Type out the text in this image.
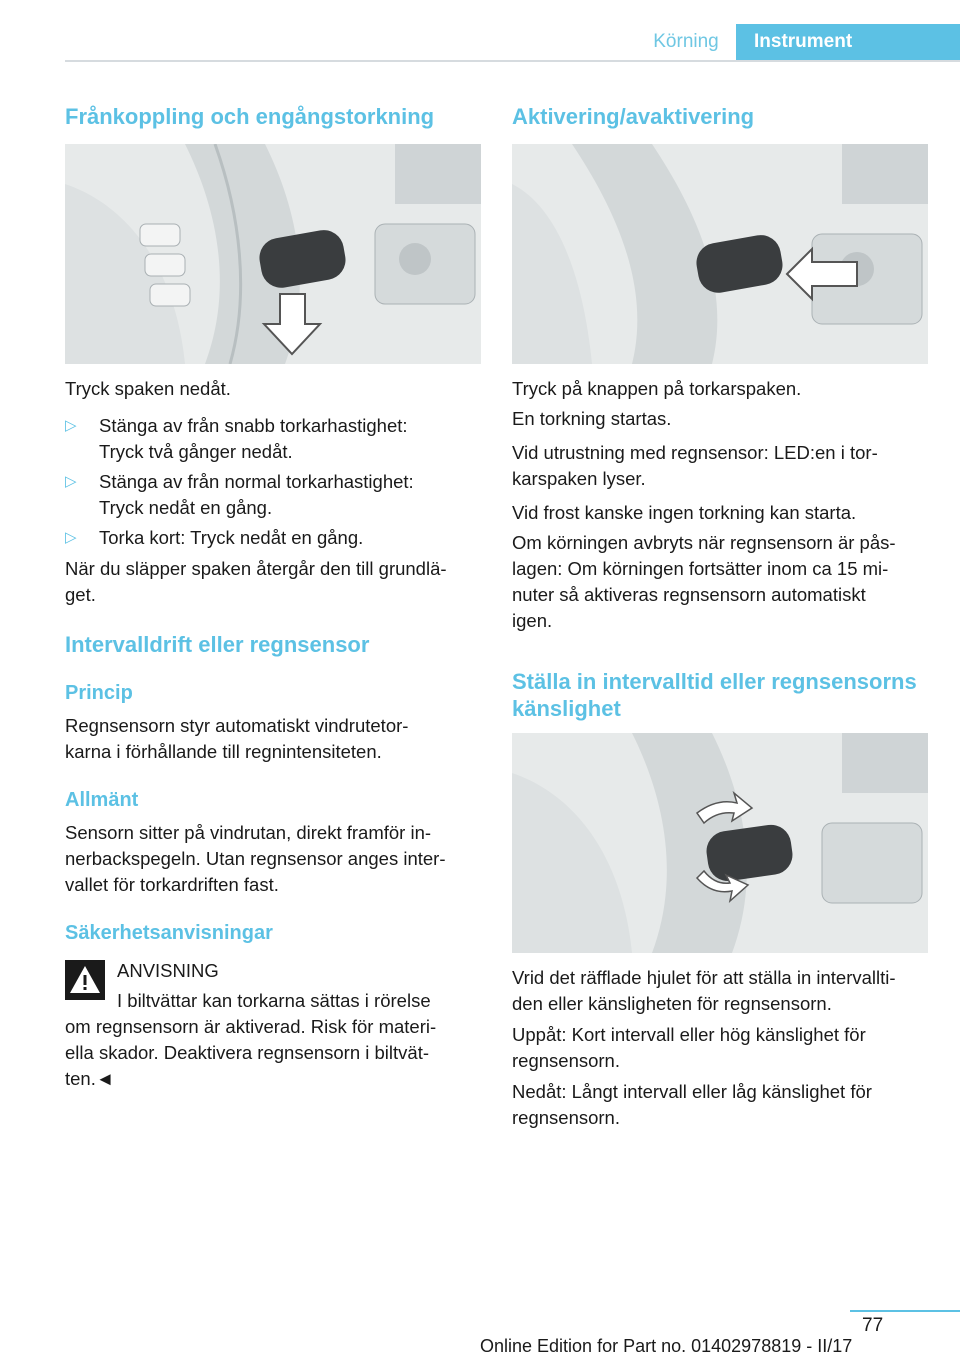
Körning	Instrument
Frånkoppling och engångstorkning

Tryck spaken nedåt.

▷ Stänga av från snabb torkarhastighet:
Tryck två gånger nedåt.
▷ Stänga av från normal torkarhastighet:
Tryck nedåt en gång.
▷ Torka kort: Tryck nedåt en gång.

När du släpper spaken återgår den till grundlä-
get.

Intervalldrift eller regnsensor
Princip

Regnsensorn styr automatiskt vindrutetor-
karna i förhållande till regnintensiteten.

Allmänt

Sensorn sitter på vindrutan, direkt framför in-
nerbackspegeln. Utan regnsensor anges inter-
vallet för torkardriften fast.

Säkerhetsanvisningar

ANVISNING

I biltvättar kan torkarna sättas i rörelse

om regnsensorn är aktiverad. Risk för materi-
ella skador. Deaktivera regnsensorn i biltvät-
ten.◄

Aktivering/avaktivering

Tryck på knappen på torkarspaken.

En torkning startas.

Vid utrustning med regnsensor: LED:en i tor-
karspaken lyser.

Vid frost kanske ingen torkning kan starta.

Om körningen avbryts när regnsensorn är pås-
lagen: Om körningen fortsätter inom ca 15 mi-
nuter så aktiveras regnsensorn automatiskt
igen.

Ställa in intervalltid eller regnsensorns
känslighet

Vrid det räfflade hjulet för att ställa in intervallti-
den eller känsligheten för regnsensorn.

Uppåt: Kort intervall eller hög känslighet för
regnsensorn.

Nedåt: Långt intervall eller låg känslighet för
regnsensorn.

77
Online Edition for Part no. 01402978819 - II/17
